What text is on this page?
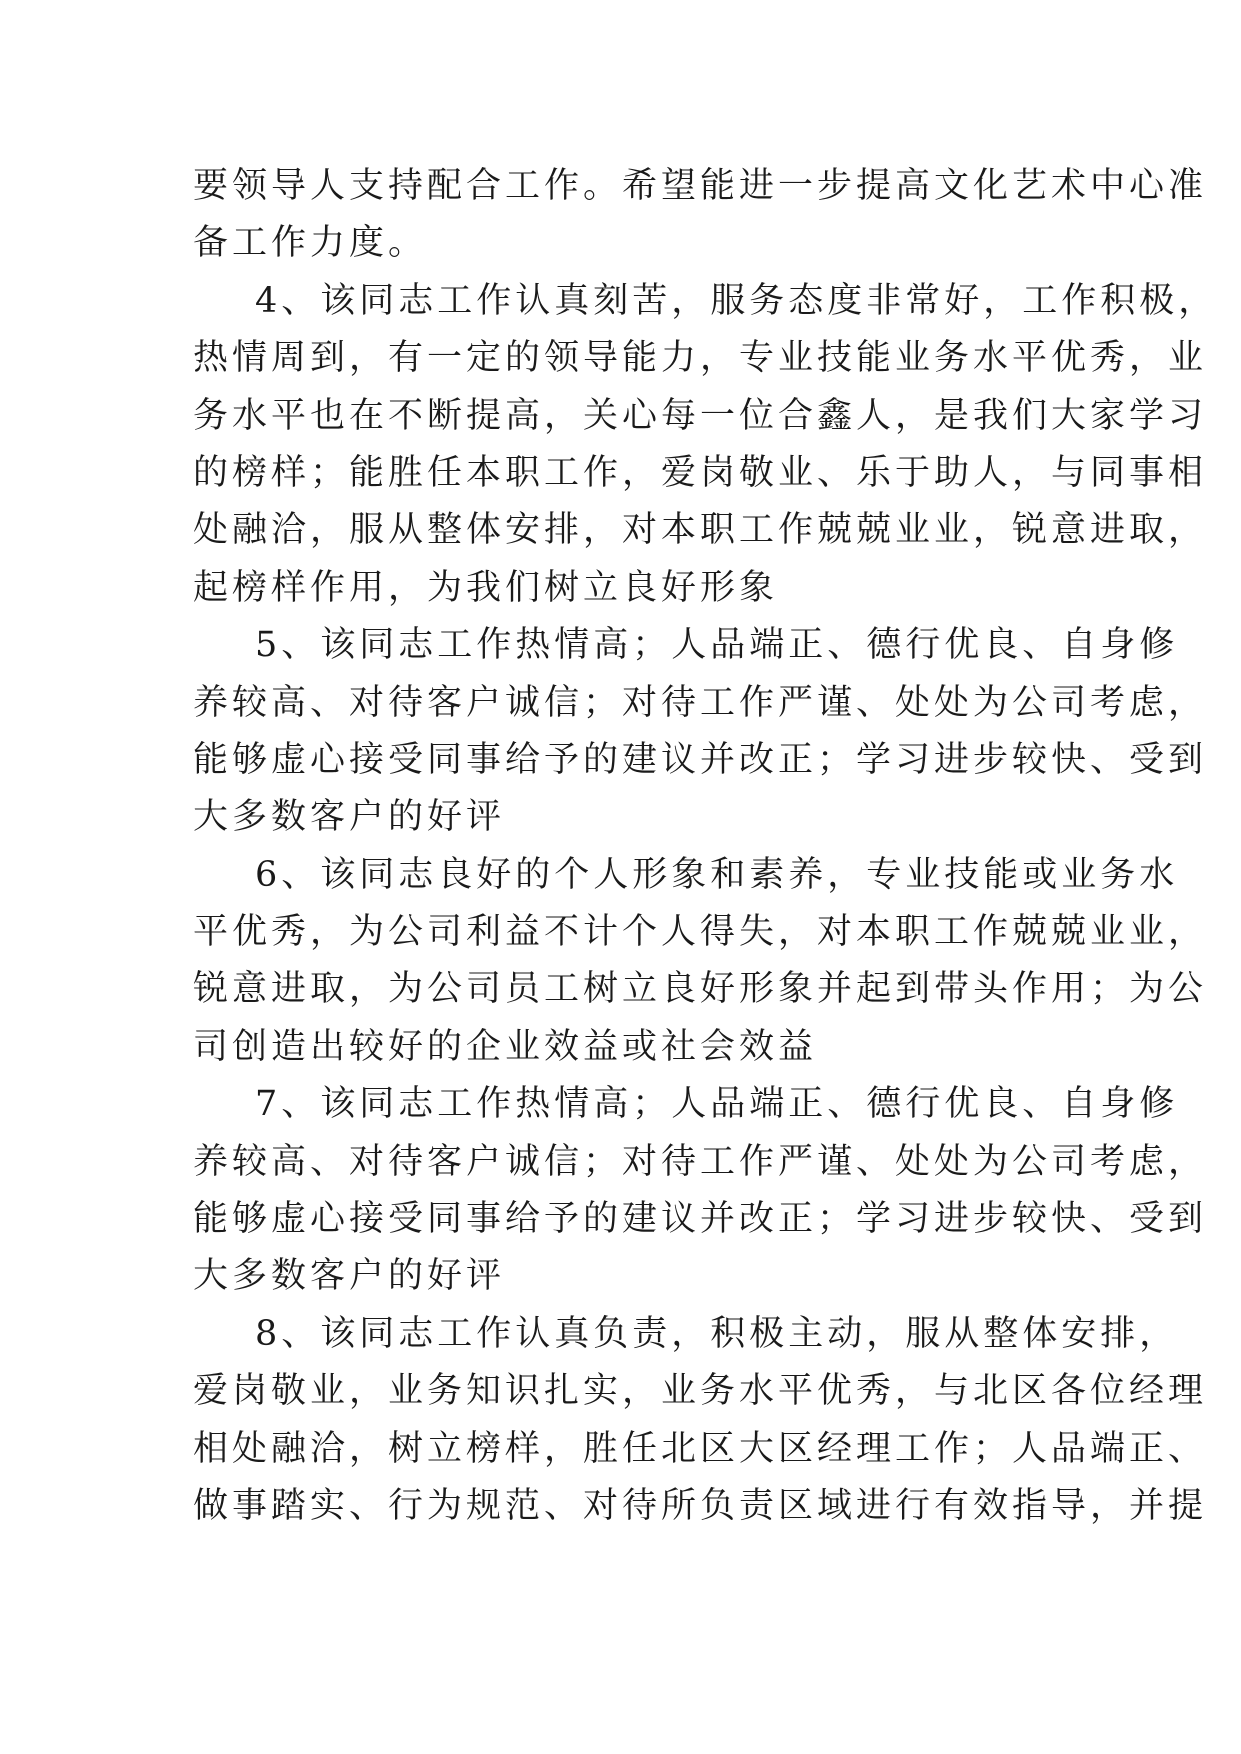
要领导人支持配合工作。希望能进一步提高文化艺术中心准
备工作力度。
4、该同志工作认真刻苦，服务态度非常好，工作积极，
热情周到，有一定的领导能力，专业技能业务水平优秀，业
务水平也在不断提高，关心每一位合鑫人，是我们大家学习
的榜样；能胜任本职工作，爱岗敬业、乐于助人，与同事相
处融洽，服从整体安排，对本职工作兢兢业业，锐意进取，
起榜样作用，为我们树立良好形象
5、该同志工作热情高；人品端正、德行优良、自身修
养较高、对待客户诚信；对待工作严谨、处处为公司考虑，
能够虚心接受同事给予的建议并改正；学习进步较快、受到
大多数客户的好评
6、该同志良好的个人形象和素养，专业技能或业务水
平优秀，为公司利益不计个人得失，对本职工作兢兢业业，
锐意进取，为公司员工树立良好形象并起到带头作用；为公
司创造出较好的企业效益或社会效益
7、该同志工作热情高；人品端正、德行优良、自身修
养较高、对待客户诚信；对待工作严谨、处处为公司考虑，
能够虚心接受同事给予的建议并改正；学习进步较快、受到
大多数客户的好评
8、该同志工作认真负责，积极主动，服从整体安排，
爱岗敬业，业务知识扎实，业务水平优秀，与北区各位经理
相处融洽，树立榜样，胜任北区大区经理工作；人品端正、
做事踏实、行为规范、对待所负责区域进行有效指导，并提
